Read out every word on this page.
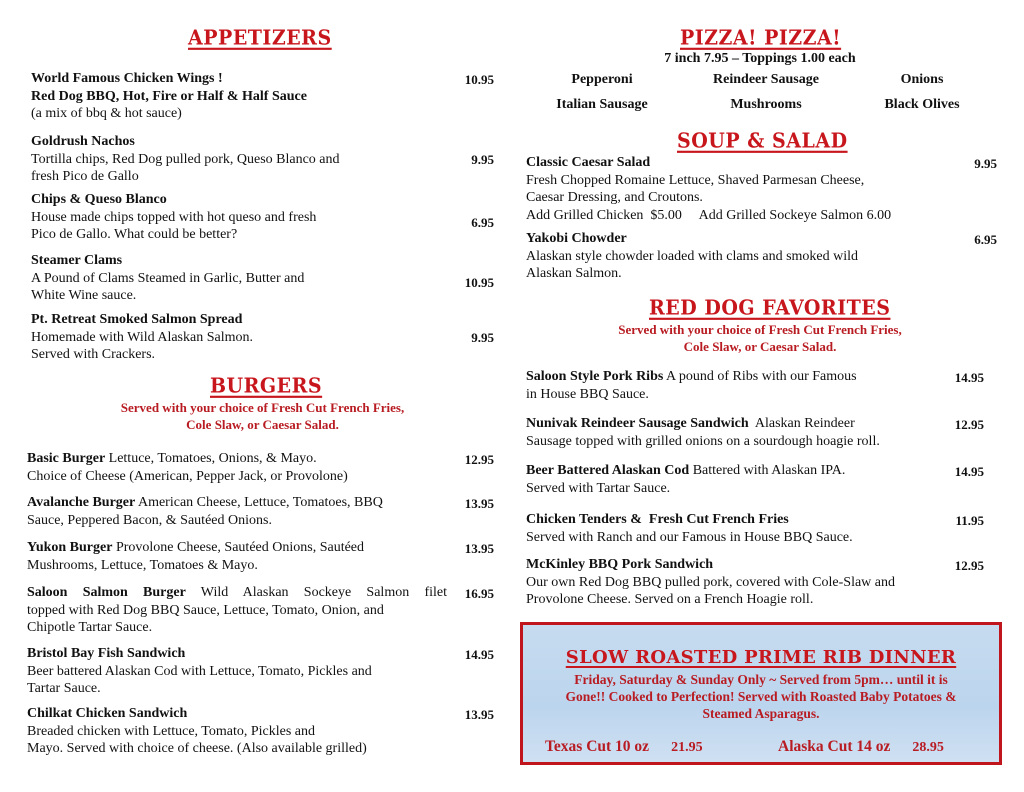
APPETIZERS
World Famous Chicken Wings !
Red Dog BBQ, Hot, Fire or Half & Half Sauce
(a mix of bbq & hot sauce)
10.95
Goldrush Nachos
Tortilla chips, Red Dog pulled pork, Queso Blanco and
fresh Pico de Gallo
9.95
Chips & Queso Blanco
House made chips topped with hot queso and fresh
Pico de Gallo. What could be better?
6.95
Steamer Clams
A Pound of Clams Steamed in Garlic, Butter and
White Wine sauce.
10.95
Pt. Retreat Smoked Salmon Spread
Homemade with Wild Alaskan Salmon.
Served with Crackers.
9.95
BURGERS
Served with your choice of Fresh Cut French Fries,
Cole Slaw, or Caesar Salad.
Basic Burger Lettuce, Tomatoes, Onions, & Mayo.
Choice of Cheese (American, Pepper Jack, or Provolone)
12.95
Avalanche Burger American Cheese, Lettuce, Tomatoes, BBQ
Sauce, Peppered Bacon, & Sautéed Onions.
13.95
Yukon Burger Provolone Cheese, Sautéed Onions, Sautéed
Mushrooms, Lettuce, Tomatoes & Mayo.
13.95
Saloon Salmon Burger Wild Alaskan Sockeye Salmon filet
topped with Red Dog BBQ Sauce, Lettuce, Tomato, Onion, and
Chipotle Tartar Sauce.
16.95
Bristol Bay Fish Sandwich
Beer battered Alaskan Cod with Lettuce, Tomato, Pickles and
Tartar Sauce.
14.95
Chilkat Chicken Sandwich
Breaded chicken with Lettuce, Tomato, Pickles and
Mayo. Served with choice of cheese. (Also available grilled)
13.95
PIZZA! PIZZA!
7 inch 7.95 – Toppings 1.00 each
Pepperoni	Reindeer Sausage	Onions
Italian Sausage	Mushrooms	Black Olives
SOUP & SALAD
Classic Caesar Salad
Fresh Chopped Romaine Lettuce, Shaved Parmesan Cheese,
Caesar Dressing, and Croutons.
Add Grilled Chicken  $5.00     Add Grilled Sockeye Salmon 6.00
9.95
Yakobi Chowder
Alaskan style chowder loaded with clams and smoked wild
Alaskan Salmon.
6.95
RED DOG FAVORITES
Served with your choice of Fresh Cut French Fries,
Cole Slaw, or Caesar Salad.
Saloon Style Pork Ribs A pound of Ribs with our Famous
in House BBQ Sauce.
14.95
Nunivak Reindeer Sausage Sandwich  Alaskan Reindeer
Sausage topped with grilled onions on a sourdough hoagie roll.
12.95
Beer Battered Alaskan Cod Battered with Alaskan IPA.
Served with Tartar Sauce.
14.95
Chicken Tenders &  Fresh Cut French Fries
Served with Ranch and our Famous in House BBQ Sauce.
11.95
McKinley BBQ Pork Sandwich
Our own Red Dog BBQ pulled pork, covered with Cole-Slaw and
Provolone Cheese. Served on a French Hoagie roll.
12.95
SLOW ROASTED PRIME RIB DINNER
Friday, Saturday & Sunday Only ~ Served from 5pm… until it is
Gone!! Cooked to Perfection! Served with Roasted Baby Potatoes &
Steamed Asparagus.
Texas Cut 10 oz 21.95	Alaska Cut 14 oz 28.95
